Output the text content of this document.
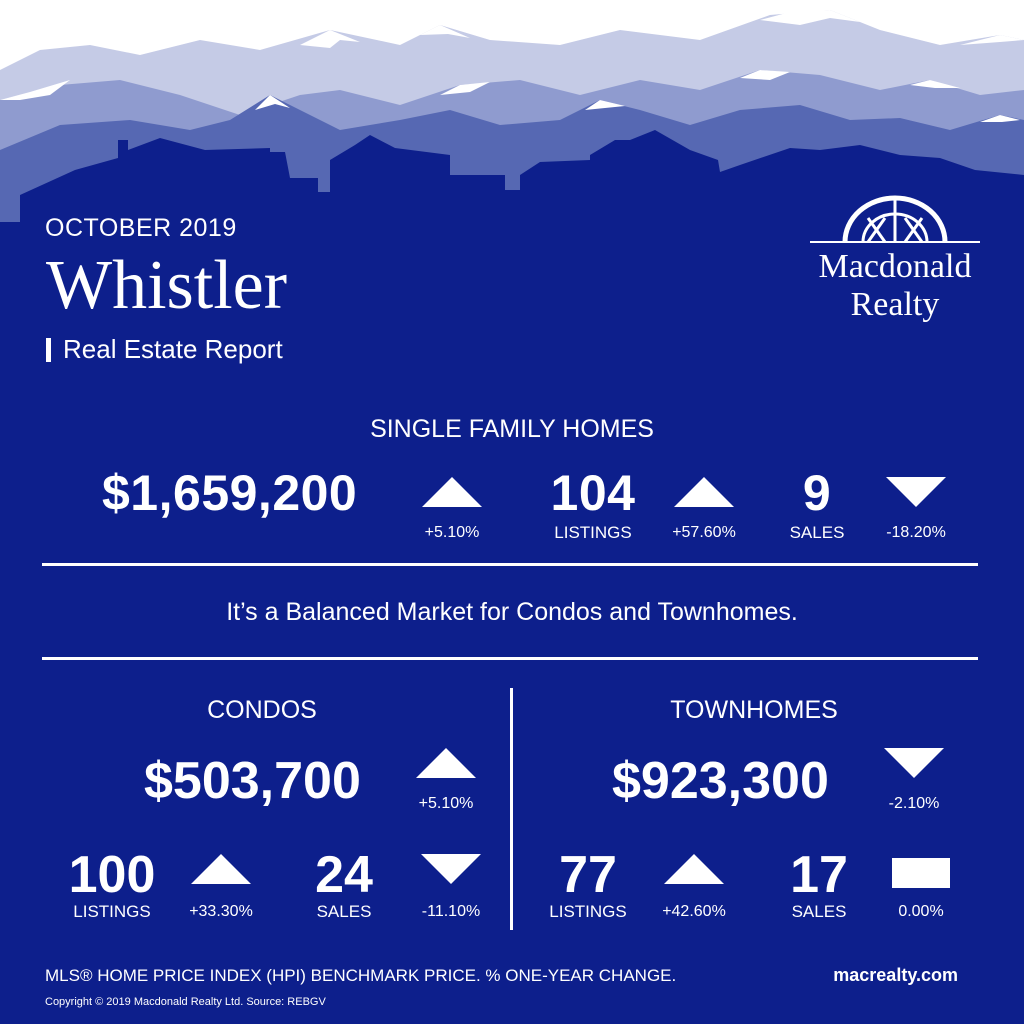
OCTOBER 2019
Whistler
Real Estate Report
Macdonald
Realty
SINGLE FAMILY HOMES
$1,659,200
+5.10%
104
LISTINGS	+57.60%
9
SALES	-18.20%
It’s a Balanced Market for Condos and Townhomes.
CONDOS
$503,700	+5.10%
100
LISTINGS	+33.30%
24
SALES	-11.10%
TOWNHOMES
$923,300	-2.10%
77
LISTINGS	+42.60%
17
SALES	0.00%
MLS® HOME PRICE INDEX (HPI) BENCHMARK PRICE. % ONE-YEAR CHANGE.
Copyright © 2019 Macdonald Realty Ltd. Source: REBGV
macrealty.com
